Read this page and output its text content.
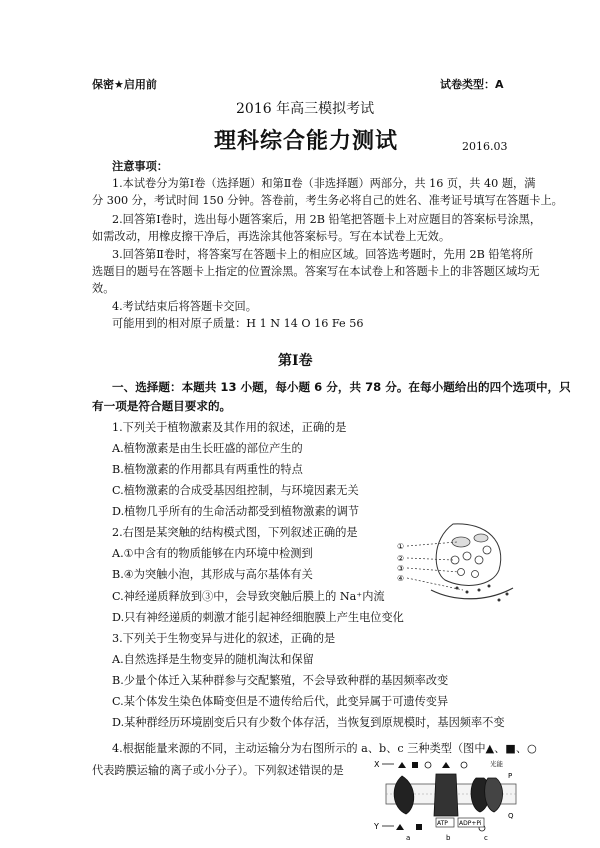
保密★启用前	试卷类型：A
2016 年高三模拟考试
理科综合能力测试	2016.03
注意事项：
1.本试卷分为第Ⅰ卷（选择题）和第Ⅱ卷（非选择题）两部分，共 16 页，共 40 题，满
分 300 分，考试时间 150 分钟。答卷前，考生务必将自己的姓名、准考证号填写在答题卡上。
2.回答第Ⅰ卷时，选出每小题答案后，用 2B 铅笔把答题卡上对应题目的答案标号涂黑，
如需改动，用橡皮擦干净后，再选涂其他答案标号。写在本试卷上无效。
3.回答第Ⅱ卷时，将答案写在答题卡上的相应区域。回答选考题时，先用 2B 铅笔将所
选题目的题号在答题卡上指定的位置涂黑。答案写在本试卷上和答题卡上的非答题区域均无
效。
4.考试结束后将答题卡交回。
可能用到的相对原子质量：H 1 N 14 O 16 Fe 56
第Ⅰ卷
一、选择题：本题共 13 小题，每小题 6 分，共 78 分。在每小题给出的四个选项中，只
有一项是符合题目要求的。
1.下列关于植物激素及其作用的叙述，正确的是
A.植物激素是由生长旺盛的部位产生的
B.植物激素的作用都具有两重性的特点
C.植物激素的合成受基因组控制，与环境因素无关
D.植物几乎所有的生命活动都受到植物激素的调节
2.右图是某突触的结构模式图，下列叙述正确的是
A.①中含有的物质能够在内环境中检测到
B.④为突触小泡，其形成与高尔基体有关
C.神经递质释放到③中，会导致突触后膜上的 Na⁺内流
D.只有神经递质的刺激才能引起神经细胞膜上产生电位变化
①
②
③
④
3.下列关于生物变异与进化的叙述，正确的是
A.自然选择是生物变异的随机淘汰和保留
B.少量个体迁入某种群参与交配繁殖，不会导致种群的基因频率改变
C.某个体发生染色体畸变但是不遗传给后代，此变异属于可遗传变异
D.某种群经历环境剧变后只有少数个体存活，当恢复到原规模时，基因频率不变
4.根据能量来源的不同，主动运输分为右图所示的 a、b、c 三种类型（图中▲、■、○
代表跨膜运输的离子或小分子）。下列叙述错误的是	X
Y
P
Q
光能
ATP ADP+Pi
a	b	c
